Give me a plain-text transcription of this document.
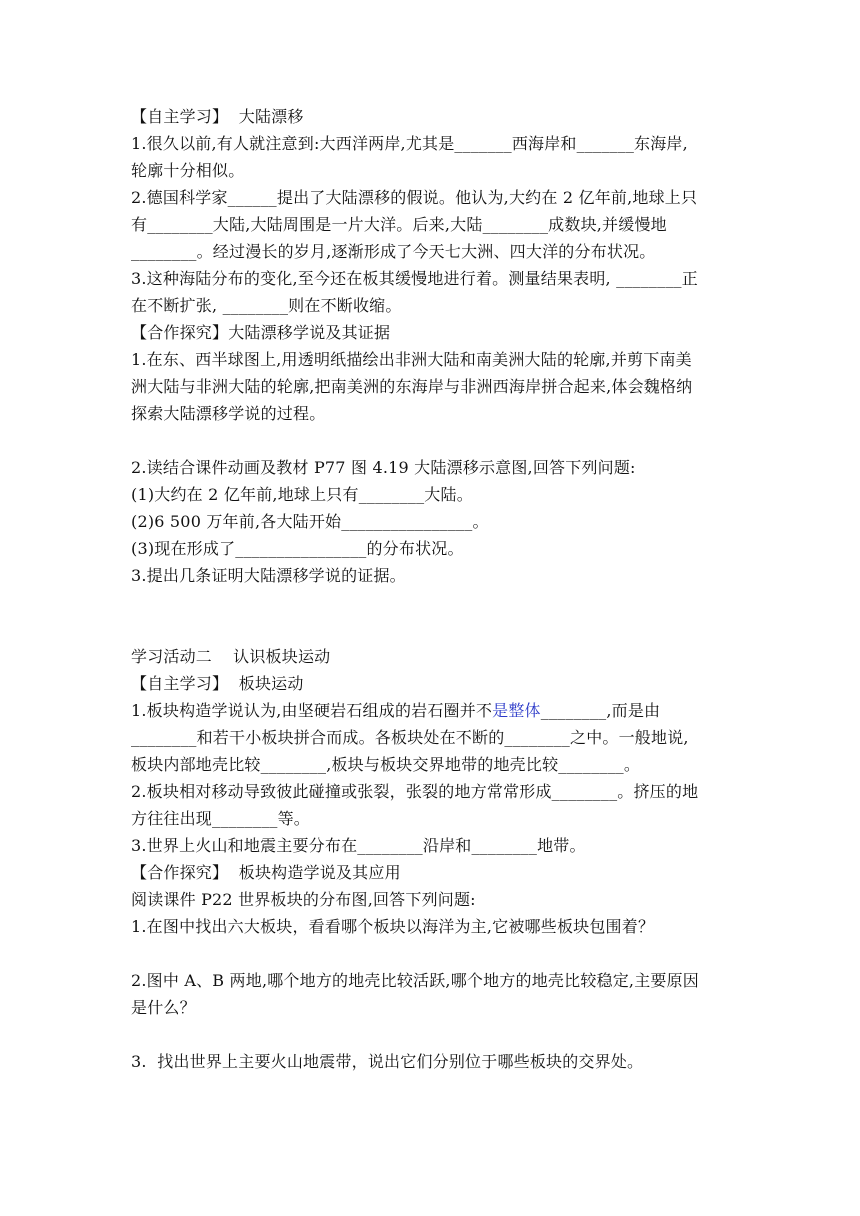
【自主学习】  大陆漂移
1.很久以前,有人就注意到:大西洋两岸,尤其是_______西海岸和_______东海岸,
轮廓十分相似。
2.德国科学家______提出了大陆漂移的假说。他认为,大约在 2 亿年前,地球上只
有________大陆,大陆周围是一片大洋。后来,大陆________成数块,并缓慢地
________。经过漫长的岁月,逐渐形成了今天七大洲、四大洋的分布状况。
3.这种海陆分布的变化,至今还在板其缓慢地进行着。测量结果表明, ________正
在不断扩张, ________则在不断收缩。
【合作探究】大陆漂移学说及其证据
1.在东、西半球图上,用透明纸描绘出非洲大陆和南美洲大陆的轮廓,并剪下南美
洲大陆与非洲大陆的轮廓,把南美洲的东海岸与非洲西海岸拼合起来,体会魏格纳
探索大陆漂移学说的过程。
2.读结合课件动画及教材 P77 图 4.19 大陆漂移示意图,回答下列问题:
(1)大约在 2 亿年前,地球上只有________大陆。
(2)6 500 万年前,各大陆开始________________。
(3)现在形成了________________的分布状况。
3.提出几条证明大陆漂移学说的证据。
学习活动二    认识板块运动
【自主学习】  板块运动
1.板块构造学说认为,由坚硬岩石组成的岩石圈并不是整体________,而是由
________和若干小板块拼合而成。各板块处在不断的________之中。一般地说,
板块内部地壳比较________,板块与板块交界地带的地壳比较________。
2.板块相对移动导致彼此碰撞或张裂，张裂的地方常常形成________。挤压的地
方往往出现________等。
3.世界上火山和地震主要分布在________沿岸和________地带。
【合作探究】  板块构造学说及其应用
阅读课件 P22 世界板块的分布图,回答下列问题:
1.在图中找出六大板块，看看哪个板块以海洋为主,它被哪些板块包围着？
2.图中 A、B 两地,哪个地方的地壳比较活跃,哪个地方的地壳比较稳定,主要原因
是什么？
3.  找出世界上主要火山地震带，说出它们分别位于哪些板块的交界处。
